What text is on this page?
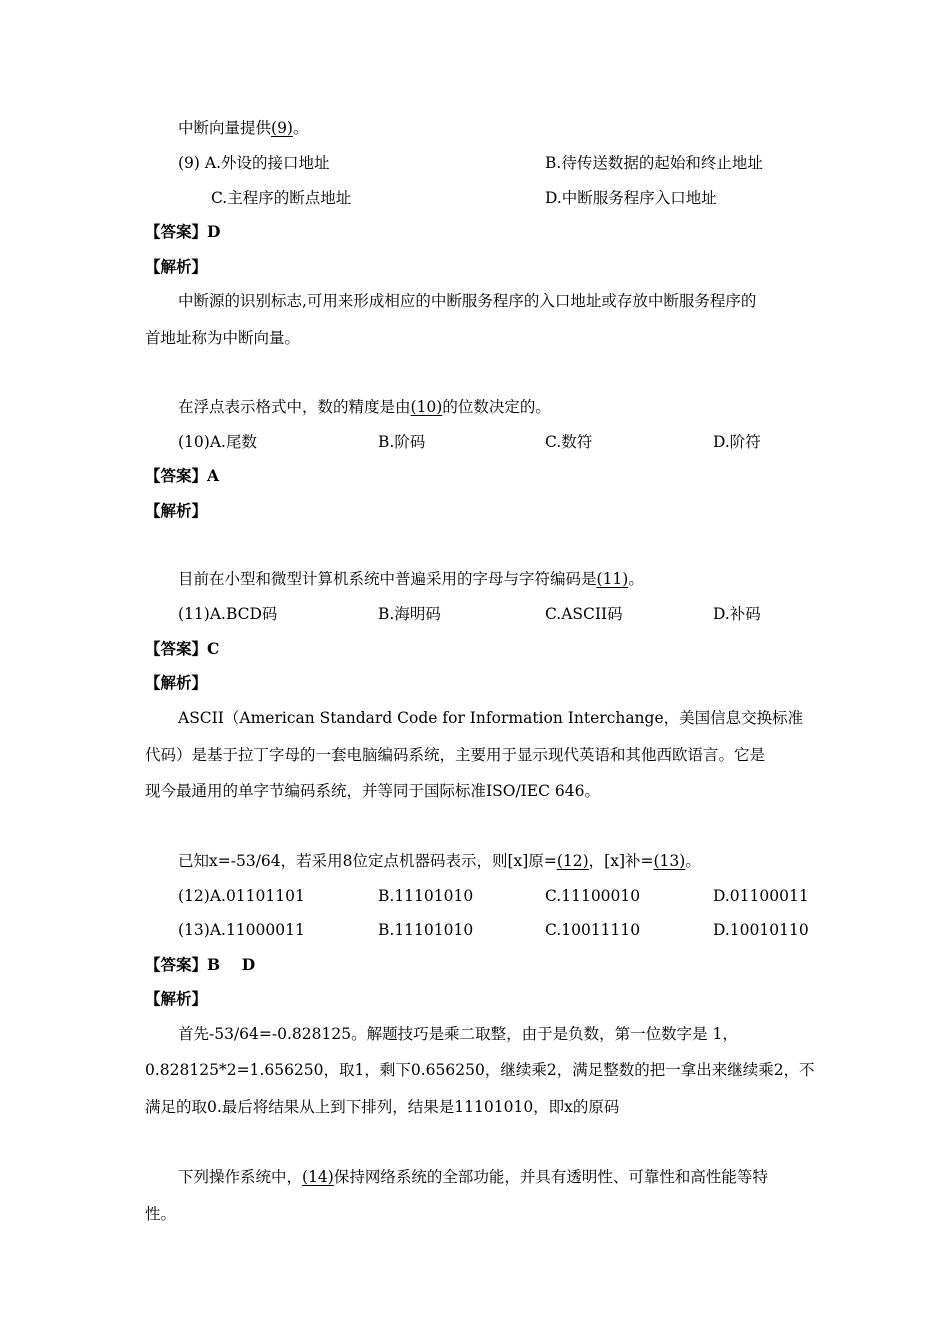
中断向量提供(9)。
(9) A.外设的接口地址	B.待传送数据的起始和终止地址
C.主程序的断点地址	D.中断服务程序入口地址
【答案】D
【解析】
中断源的识别标志,可用来形成相应的中断服务程序的入口地址或存放中断服务程序的
首地址称为中断向量。
在浮点表示格式中，数的精度是由(10)的位数决定的。
(10)A.尾数	B.阶码	C.数符	D.阶符
【答案】A
【解析】
目前在小型和微型计算机系统中普遍采用的字母与字符编码是(11)。
(11)A.BCD码	B.海明码	C.ASCII码	D.补码
【答案】C
【解析】
ASCII（American Standard Code for Information Interchange，美国信息交换标准
代码）是基于拉丁字母的一套电脑编码系统，主要用于显示现代英语和其他西欧语言。它是
现今最通用的单字节编码系统，并等同于国际标准ISO/IEC 646。
已知x=-53/64，若采用8位定点机器码表示，则[x]原=(12)，[x]补=(13)。
(12)A.01101101	B.11101010	C.11100010	D.01100011
(13)A.11000011	B.11101010	C.10011110	D.10010110
【答案】B    D
【解析】
首先-53/64=-0.828125。解题技巧是乘二取整，由于是负数，第一位数字是 1，
0.828125*2=1.656250，取1，剩下0.656250，继续乘2，满足整数的把一拿出来继续乘2，不
满足的取0.最后将结果从上到下排列，结果是11101010，即x的原码
下列操作系统中，(14)保持网络系统的全部功能，并具有透明性、可靠性和高性能等特
性。
